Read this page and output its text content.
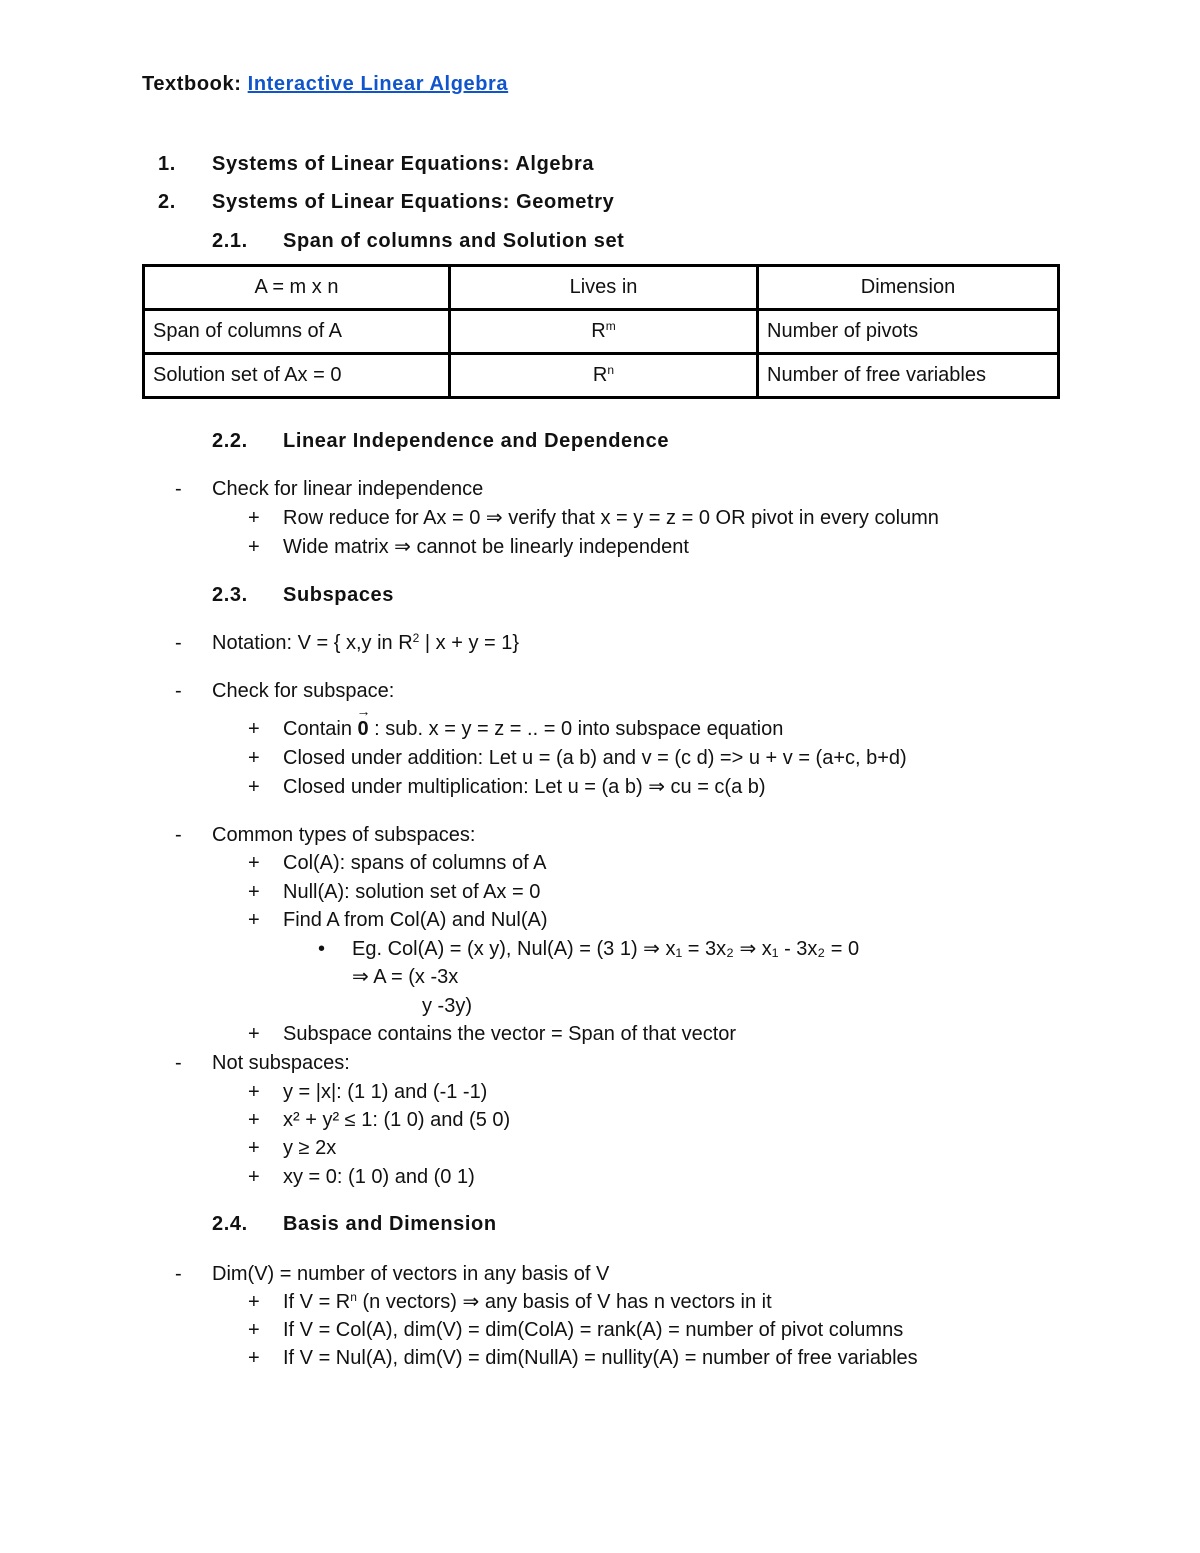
Textbook: Interactive Linear Algebra
1. Systems of Linear Equations: Algebra
2. Systems of Linear Equations: Geometry
2.1. Span of columns and Solution set
A = m x n	Lives in	Dimension
Span of columns of A	$R^m$	Number of pivots
Solution set of Ax = 0	$R^n$	Number of free variables
2.2. Linear Independence and Dependence
- Check for linear independence
+ Row reduce for Ax = 0 ⇒ verify that x = y = z = 0 OR pivot in every column
+ Wide matrix ⇒ cannot be linearly independent
2.3. Subspaces
- Notation: V = { x,y in $R^2$ | x + y = 1}
- Check for subspace:
+ Contain → 0 : sub. x = y = z = .. = 0 into subspace equation
+ Closed under addition: Let u = (a b) and v = (c d) => u + v = (a+c, b+d)
+ Closed under multiplication: Let u = (a b) ⇒ cu = c(a b)
- Common types of subspaces:
+ Col(A): spans of columns of A
+ Null(A): solution set of Ax = 0
+ Find A from Col(A) and Nul(A)
• Eg. Col(A) = (x y), Nul(A) = (3 1) ⇒ x₁ = 3x₂ ⇒ x₁ - 3x₂ = 0
⇒ A = (x -3x
y -3y)
+ Subspace contains the vector = Span of that vector
- Not subspaces:
+ y = |x|: (1 1) and (-1 -1)
+ x² + y² ≤ 1: (1 0) and (5 0)
+ y ≥ 2x
+ xy = 0: (1 0) and (0 1)
2.4. Basis and Dimension
- Dim(V) = number of vectors in any basis of V
+ If $V = R^n$ (n vectors) ⇒ any basis of V has n vectors in it
+ If V = Col(A), dim(V) = dim(ColA) = rank(A) = number of pivot columns
+ If V = Nul(A), dim(V) = dim(NullA) = nullity(A) = number of free variables
